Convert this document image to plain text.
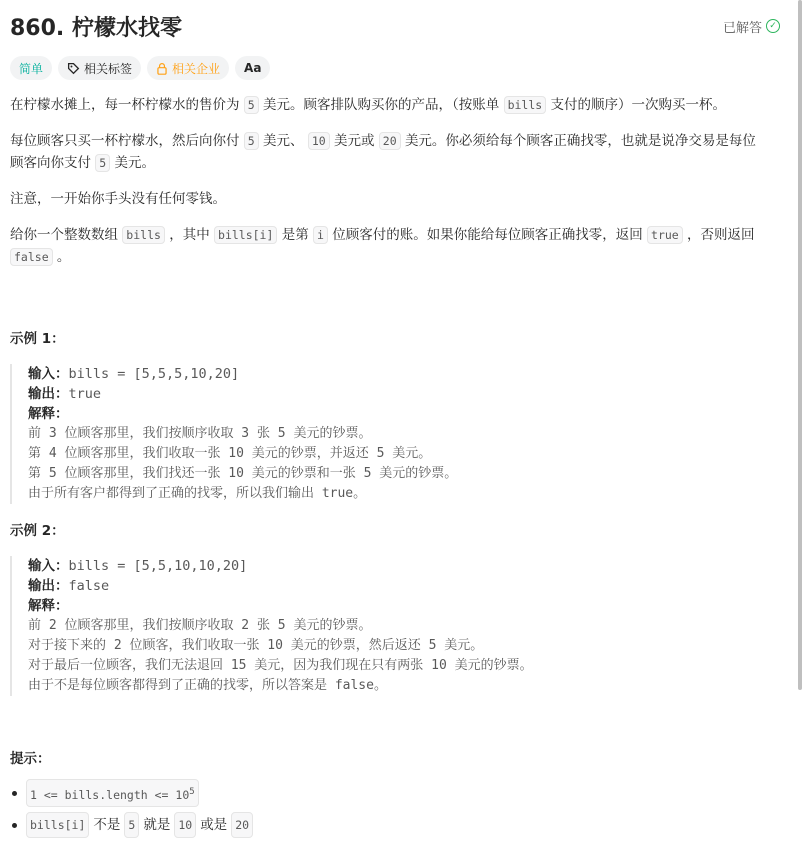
860. 柠檬水找零	已解答 ✓
简单	相关标签	相关企业 Aa

在柠檬水摊上，每一杯柠檬水的售价为 5 美元。顾客排队购买你的产品，（按账单 bills 支付的顺序）一次购买一杯。

每位顾客只买一杯柠檬水，然后向你付 5 美元、 10 美元或 20 美元。你必须给每个顾客正确找零，也就是说净交易是每位
顾客向你支付 5 美元。

注意，一开始你手头没有任何零钱。

给你一个整数数组 bills ，其中 bills[i] 是第 i 位顾客付的账。如果你能给每位顾客正确找零，返回 true ，否则返回
false 。

示例 1：
输入：bills = [5,5,5,10,20]
输出：true
解释：
前 3 位顾客那里，我们按顺序收取 3 张 5 美元的钞票。
第 4 位顾客那里，我们收取一张 10 美元的钞票，并返还 5 美元。
第 5 位顾客那里，我们找还一张 10 美元的钞票和一张 5 美元的钞票。
由于所有客户都得到了正确的找零，所以我们输出 true。
示例 2：
输入：bills = [5,5,10,10,20]
输出：false
解释：
前 2 位顾客那里，我们按顺序收取 2 张 5 美元的钞票。
对于接下来的 2 位顾客，我们收取一张 10 美元的钞票，然后返还 5 美元。
对于最后一位顾客，我们无法退回 15 美元，因为我们现在只有两张 10 美元的钞票。
由于不是每位顾客都得到了正确的找零，所以答案是 false。
提示：
1 <= bills.length <= $10^5$
bills[i] 不是 5 就是 10 或是 20
